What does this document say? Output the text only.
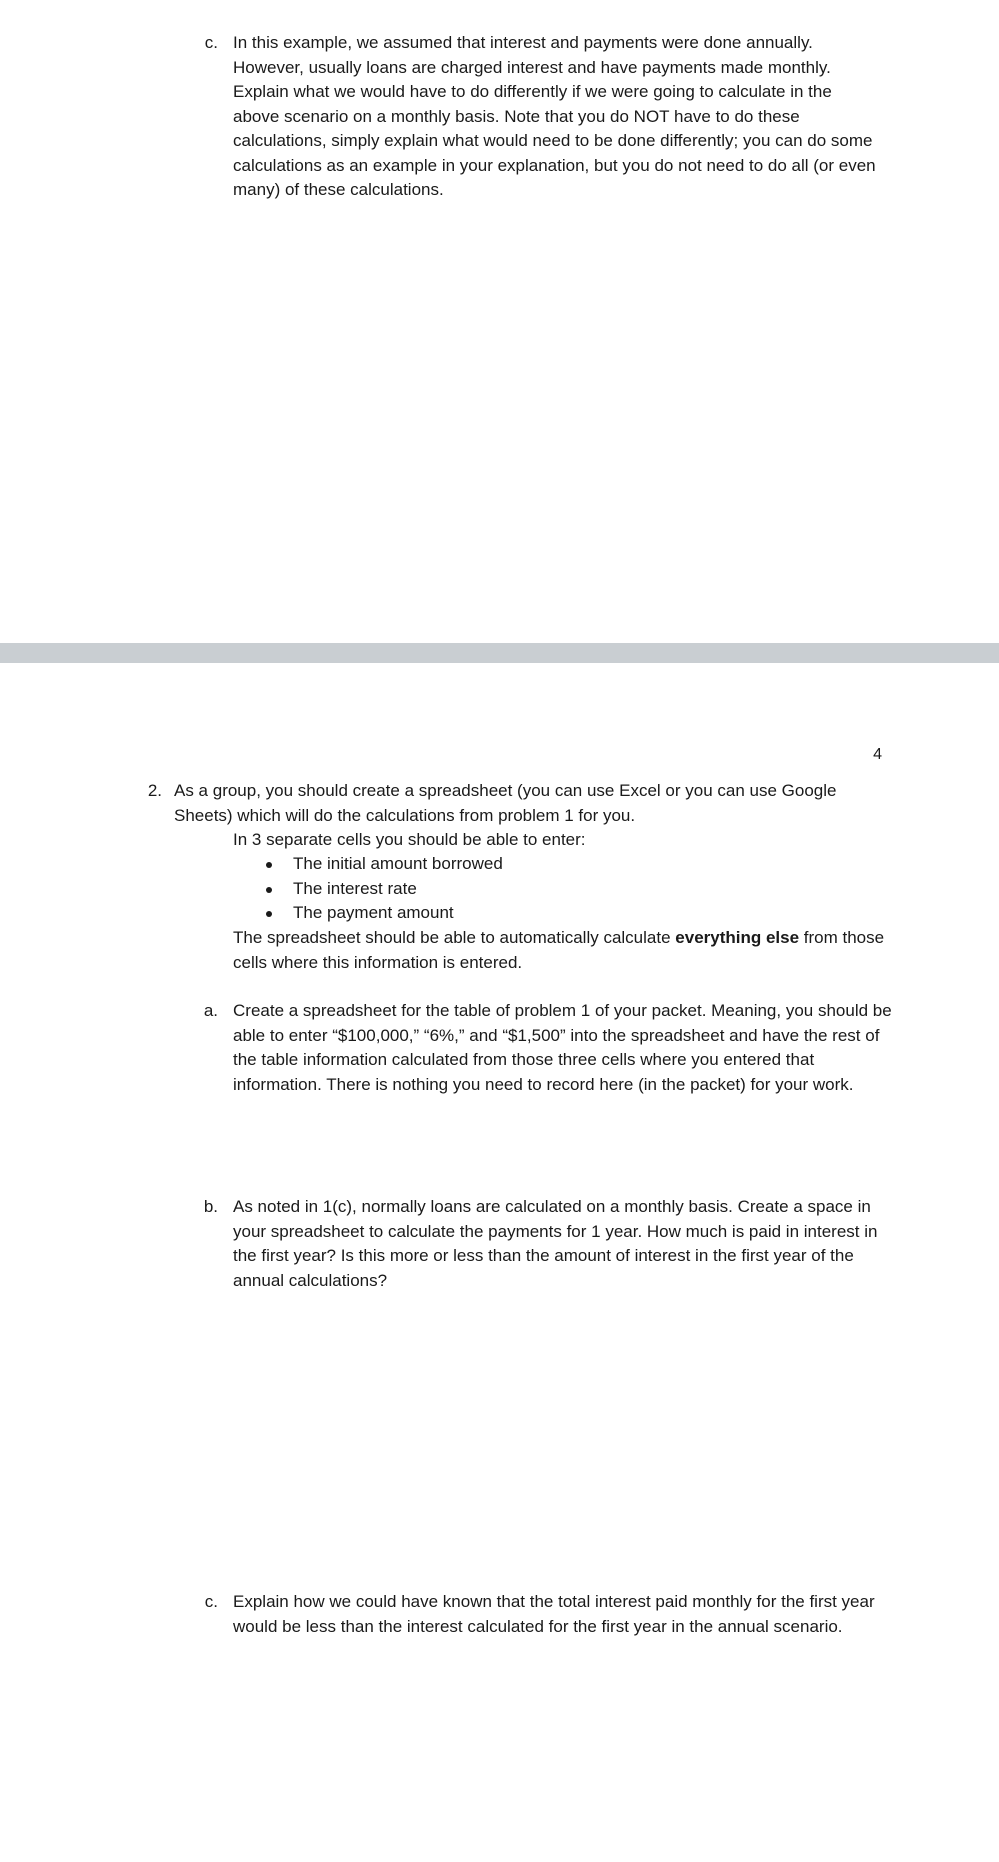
c. In this example, we assumed that interest and payments were done annually. However, usually loans are charged interest and have payments made monthly. Explain what we would have to do differently if we were going to calculate in the above scenario on a monthly basis. Note that you do NOT have to do these calculations, simply explain what would need to be done differently; you can do some calculations as an example in your explanation, but you do not need to do all (or even many) of these calculations.

4
2. As a group, you should create a spreadsheet (you can use Excel or you can use Google Sheets) which will do the calculations from problem 1 for you.

In 3 separate cells you should be able to enter:

The initial amount borrowed
The interest rate
The payment amount

The spreadsheet should be able to automatically calculate everything else from those cells where this information is entered.

a. Create a spreadsheet for the table of problem 1 of your packet. Meaning, you should be able to enter “$100,000,” “6%,” and “$1,500” into the spreadsheet and have the rest of the table information calculated from those three cells where you entered that information. There is nothing you need to record here (in the packet) for your work.

b. As noted in 1(c), normally loans are calculated on a monthly basis. Create a space in your spreadsheet to calculate the payments for 1 year. How much is paid in interest in the first year? Is this more or less than the amount of interest in the first year of the annual calculations?

c. Explain how we could have known that the total interest paid monthly for the first year would be less than the interest calculated for the first year in the annual scenario.
